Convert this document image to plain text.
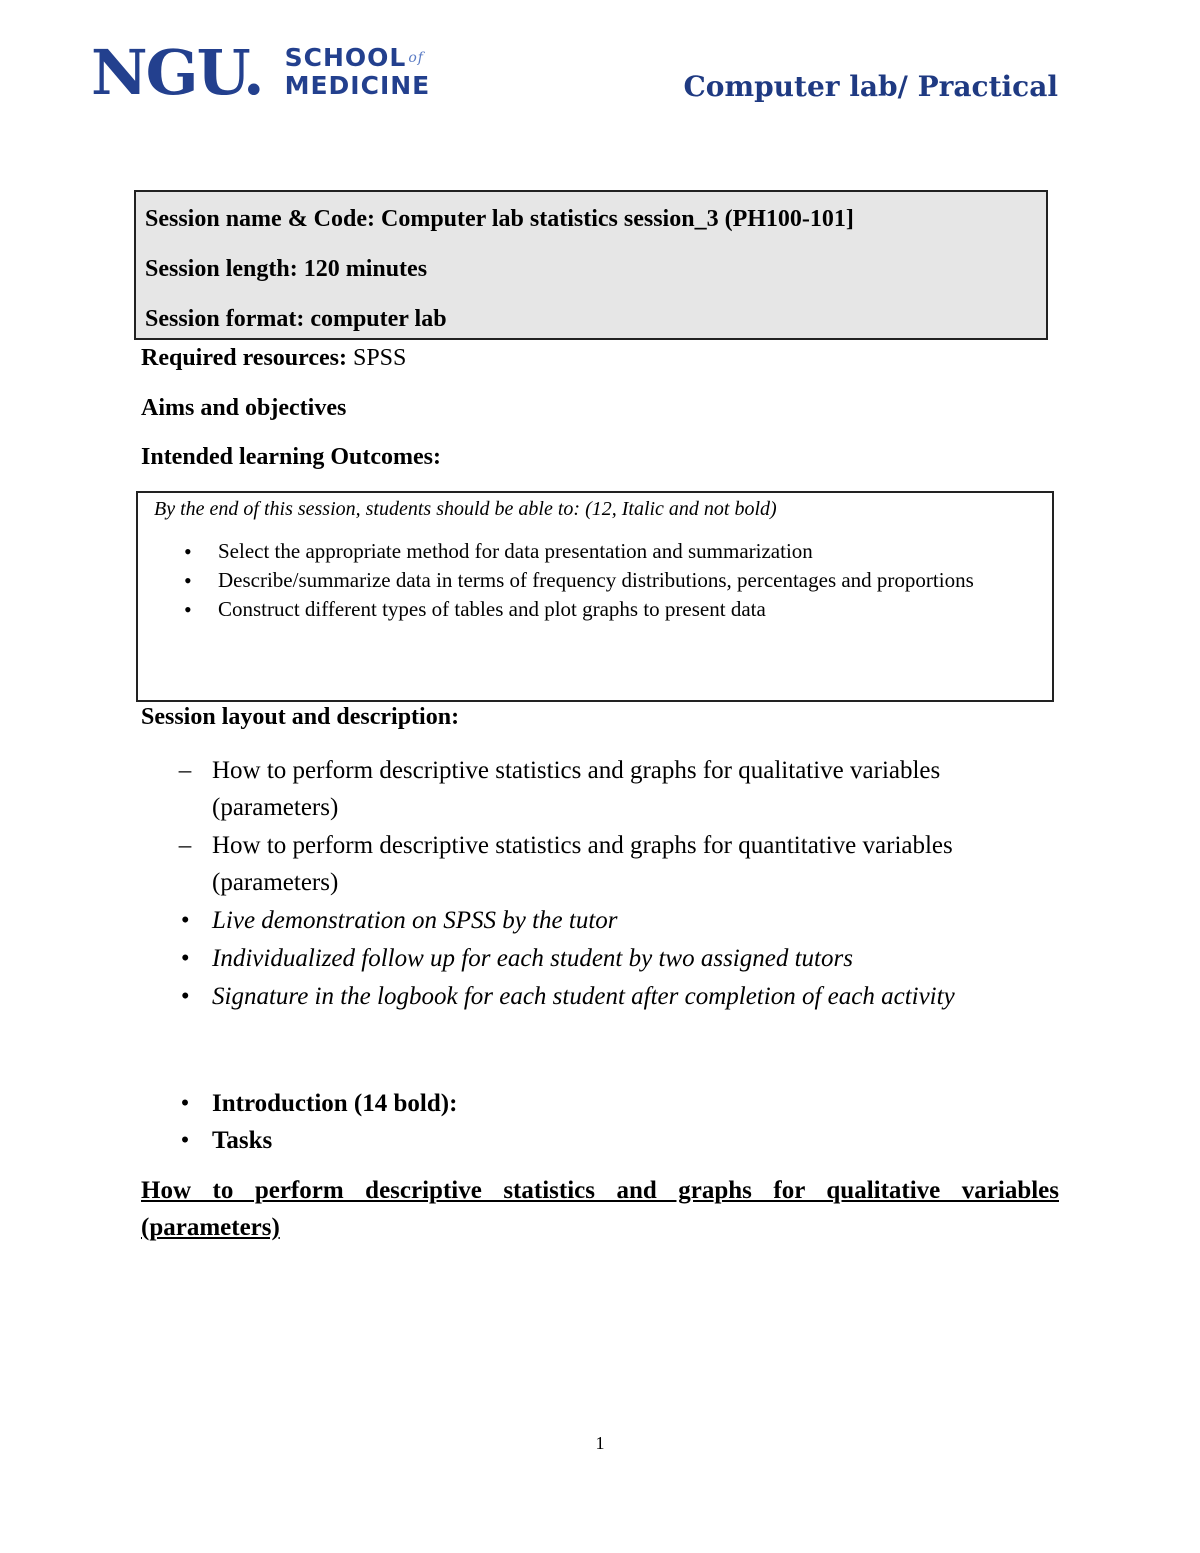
NGU. SCHOOL $^{of}$
MEDICINE	Computer lab/ Practical
Session name & Code: Computer lab statistics session_3 (PH100-101]
Session length: 120 minutes
Session format: computer lab
Required resources: SPSS
Aims and objectives
Intended learning Outcomes:
By the end of this session, students should be able to: (12, Italic and not bold)
• Select the appropriate method for data presentation and summarization
• Describe/summarize data in terms of frequency distributions, percentages and proportions
• Construct different types of tables and plot graphs to present data
Session layout and description:
– How to perform descriptive statistics and graphs for qualitative variables (parameters)
– How to perform descriptive statistics and graphs for quantitative variables (parameters)
• Live demonstration on SPSS by the tutor
• Individualized follow up for each student by two assigned tutors
• Signature in the logbook for each student after completion of each activity
• Introduction (14 bold):
• Tasks
How to perform descriptive statistics and graphs for qualitative variables (parameters)
1
